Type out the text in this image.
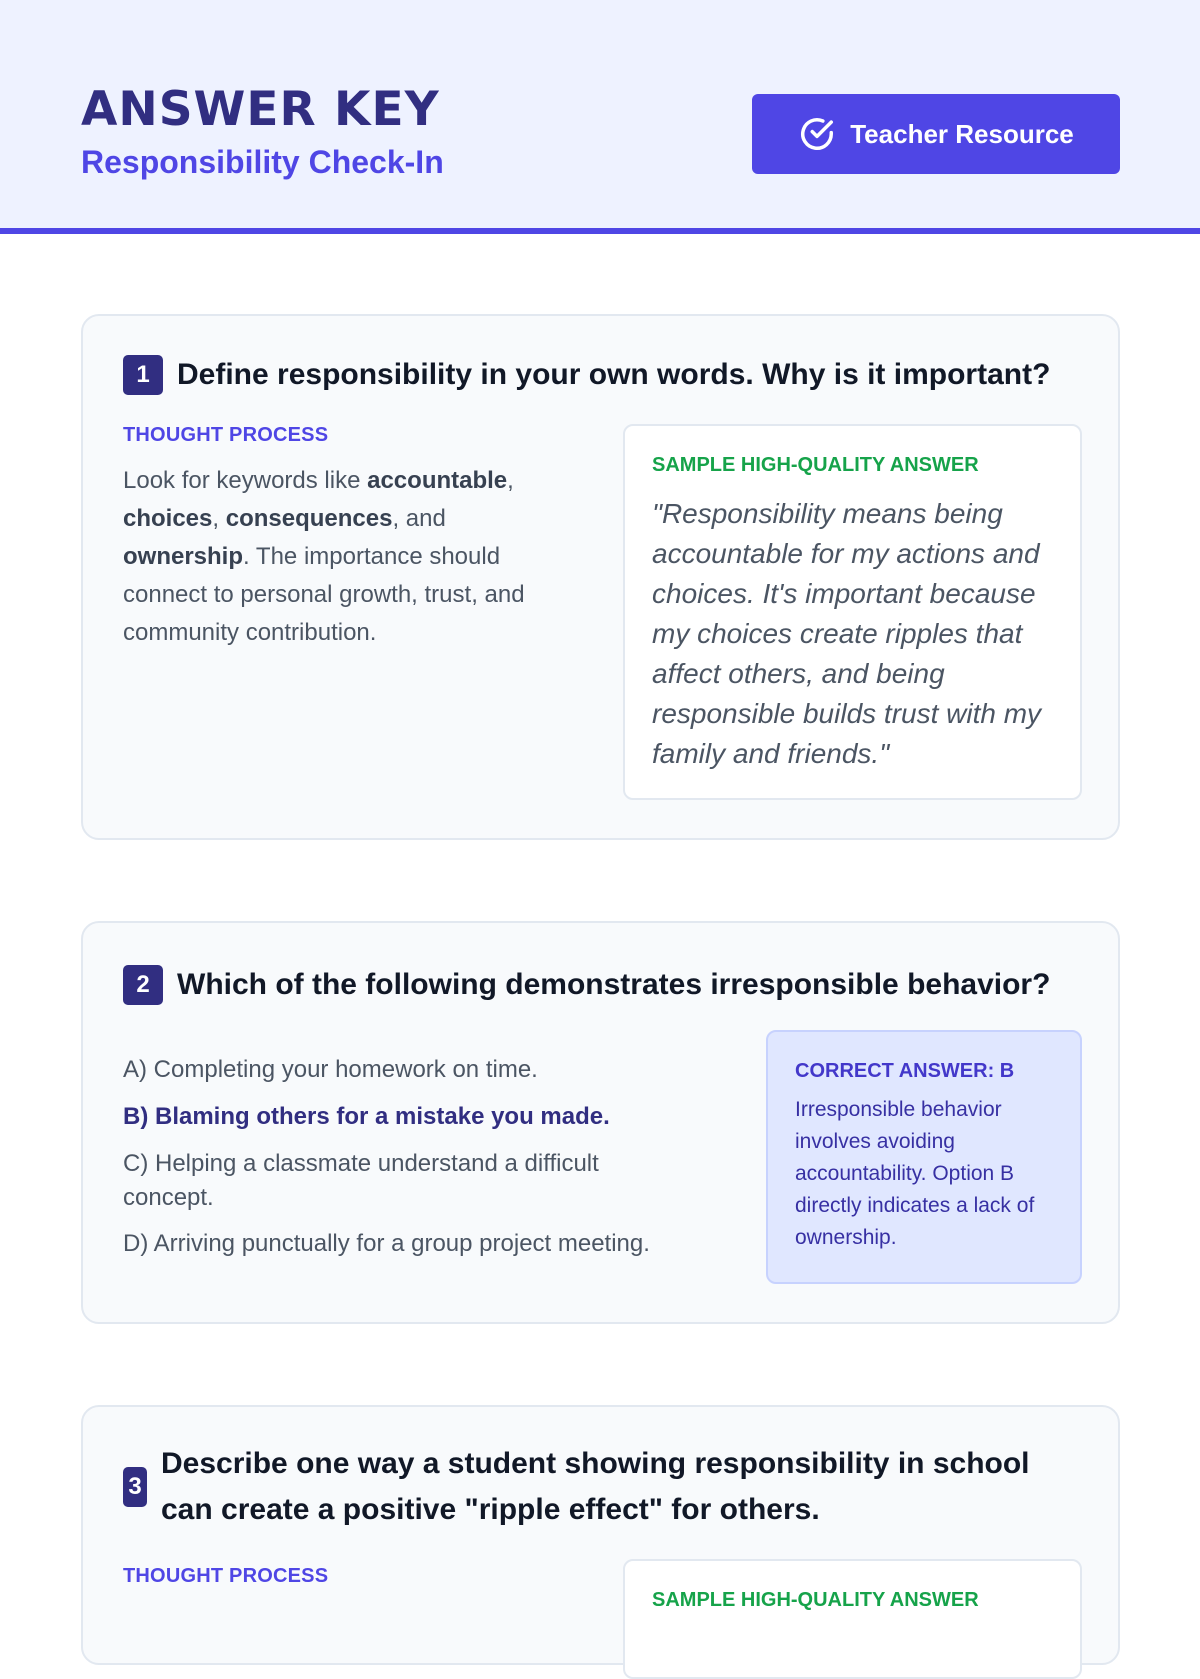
ANSWER KEY
Responsibility Check-In
Teacher Resource
1 Define responsibility in your own words. Why is it important?
THOUGHT PROCESS
Look for keywords like accountable, choices, consequences, and ownership. The importance should connect to personal growth, trust, and community contribution.
SAMPLE HIGH-QUALITY ANSWER
"Responsibility means being accountable for my actions and choices. It's important because my choices create ripples that affect others, and being responsible builds trust with my family and friends."
2 Which of the following demonstrates irresponsible behavior?
A) Completing your homework on time.
B) Blaming others for a mistake you made.
C) Helping a classmate understand a difficult concept.
D) Arriving punctually for a group project meeting.
CORRECT ANSWER: B
Irresponsible behavior involves avoiding accountability. Option B directly indicates a lack of ownership.
3
Describe one way a student showing responsibility in school can create a positive "ripple effect" for others.
THOUGHT PROCESS
SAMPLE HIGH-QUALITY ANSWER
